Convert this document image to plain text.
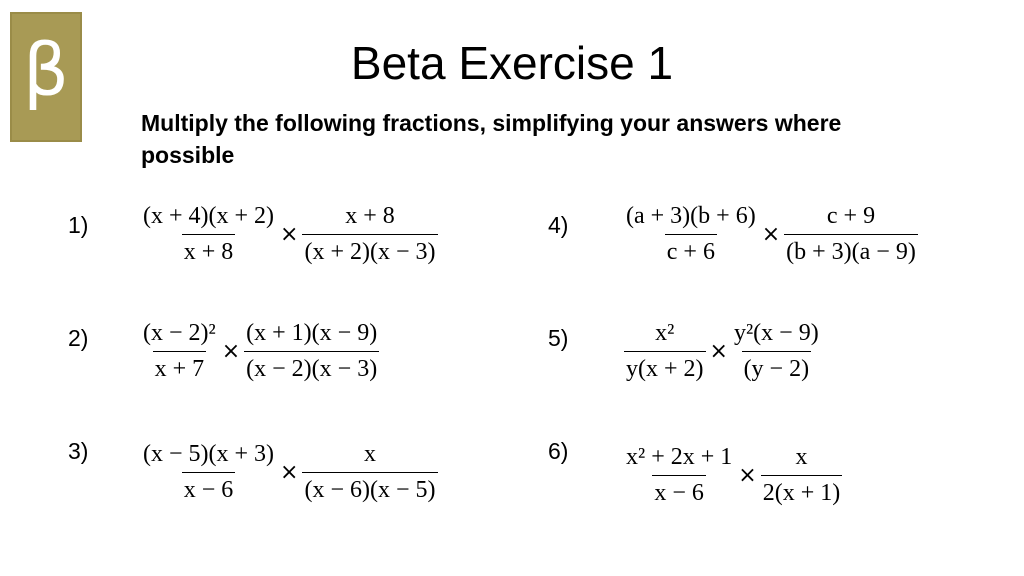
β	Beta Exercise 1
Multiply the following fractions, simplifying your answers where possible
$1) \frac{(x + 4)(x + 2)}{x + 8} \times \frac{x + 8}{(x + 2)(x - 3)}$
$2) \frac{\text{(x − 2)²}}{x + 7} \times \frac{(x + 1)(x - 9)}{(x - 2)(x - 3)}$
$3) \frac{(x - 5)(x + 3)}{x - 6} \times \frac{x}{(x - 6)(x - 5)}$
$4) \frac{(a + 3)(b + 6)}{c + 6} \times \frac{c + 9}{(b + 3)(a - 9)}$
$5) \frac{\text{x²}}{y(x + 2)} \times \frac{\text{y²(x − 9)}}{(y - 2)}$
$6) \frac{\text{x² + 2x + 1}}{x - 6} \times \frac{x}{2(x + 1)}$
